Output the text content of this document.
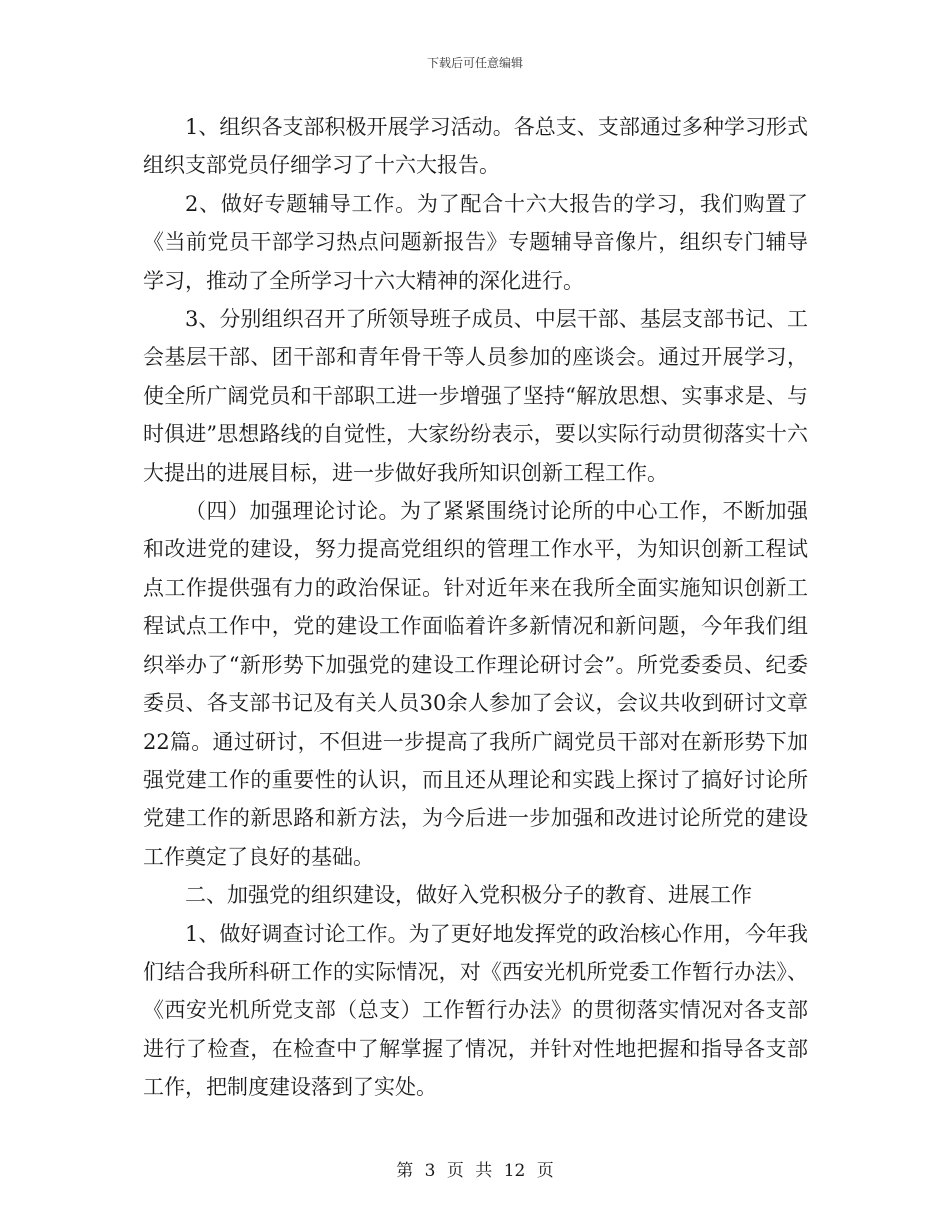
下载后可任意编辑

1、组织各支部积极开展学习活动。各总支、支部通过多种学习形式组织支部党员仔细学习了十六大报告。

2、做好专题辅导工作。为了配合十六大报告的学习，我们购置了《当前党员干部学习热点问题新报告》专题辅导音像片，组织专门辅导学习，推动了全所学习十六大精神的深化进行。

3、分别组织召开了所领导班子成员、中层干部、基层支部书记、工会基层干部、团干部和青年骨干等人员参加的座谈会。通过开展学习，使全所广阔党员和干部职工进一步增强了坚持“解放思想、实事求是、与时俱进”思想路线的自觉性，大家纷纷表示，要以实际行动贯彻落实十六大提出的进展目标，进一步做好我所知识创新工程工作。

（四）加强理论讨论。为了紧紧围绕讨论所的中心工作，不断加强和改进党的建设，努力提高党组织的管理工作水平，为知识创新工程试点工作提供强有力的政治保证。针对近年来在我所全面实施知识创新工程试点工作中，党的建设工作面临着许多新情况和新问题，今年我们组织举办了“新形势下加强党的建设工作理论研讨会”。所党委委员、纪委委员、各支部书记及有关人员30余人参加了会议，会议共收到研讨文章22篇。通过研讨，不但进一步提高了我所广阔党员干部对在新形势下加强党建工作的重要性的认识，而且还从理论和实践上探讨了搞好讨论所党建工作的新思路和新方法，为今后进一步加强和改进讨论所党的建设工作奠定了良好的基础。

二、加强党的组织建设，做好入党积极分子的教育、进展工作

1、做好调查讨论工作。为了更好地发挥党的政治核心作用，今年我们结合我所科研工作的实际情况，对《西安光机所党委工作暂行办法》、《西安光机所党支部（总支）工作暂行办法》的贯彻落实情况对各支部进行了检查，在检查中了解掌握了情况，并针对性地把握和指导各支部工作，把制度建设落到了实处。

第 3 页 共 12 页
